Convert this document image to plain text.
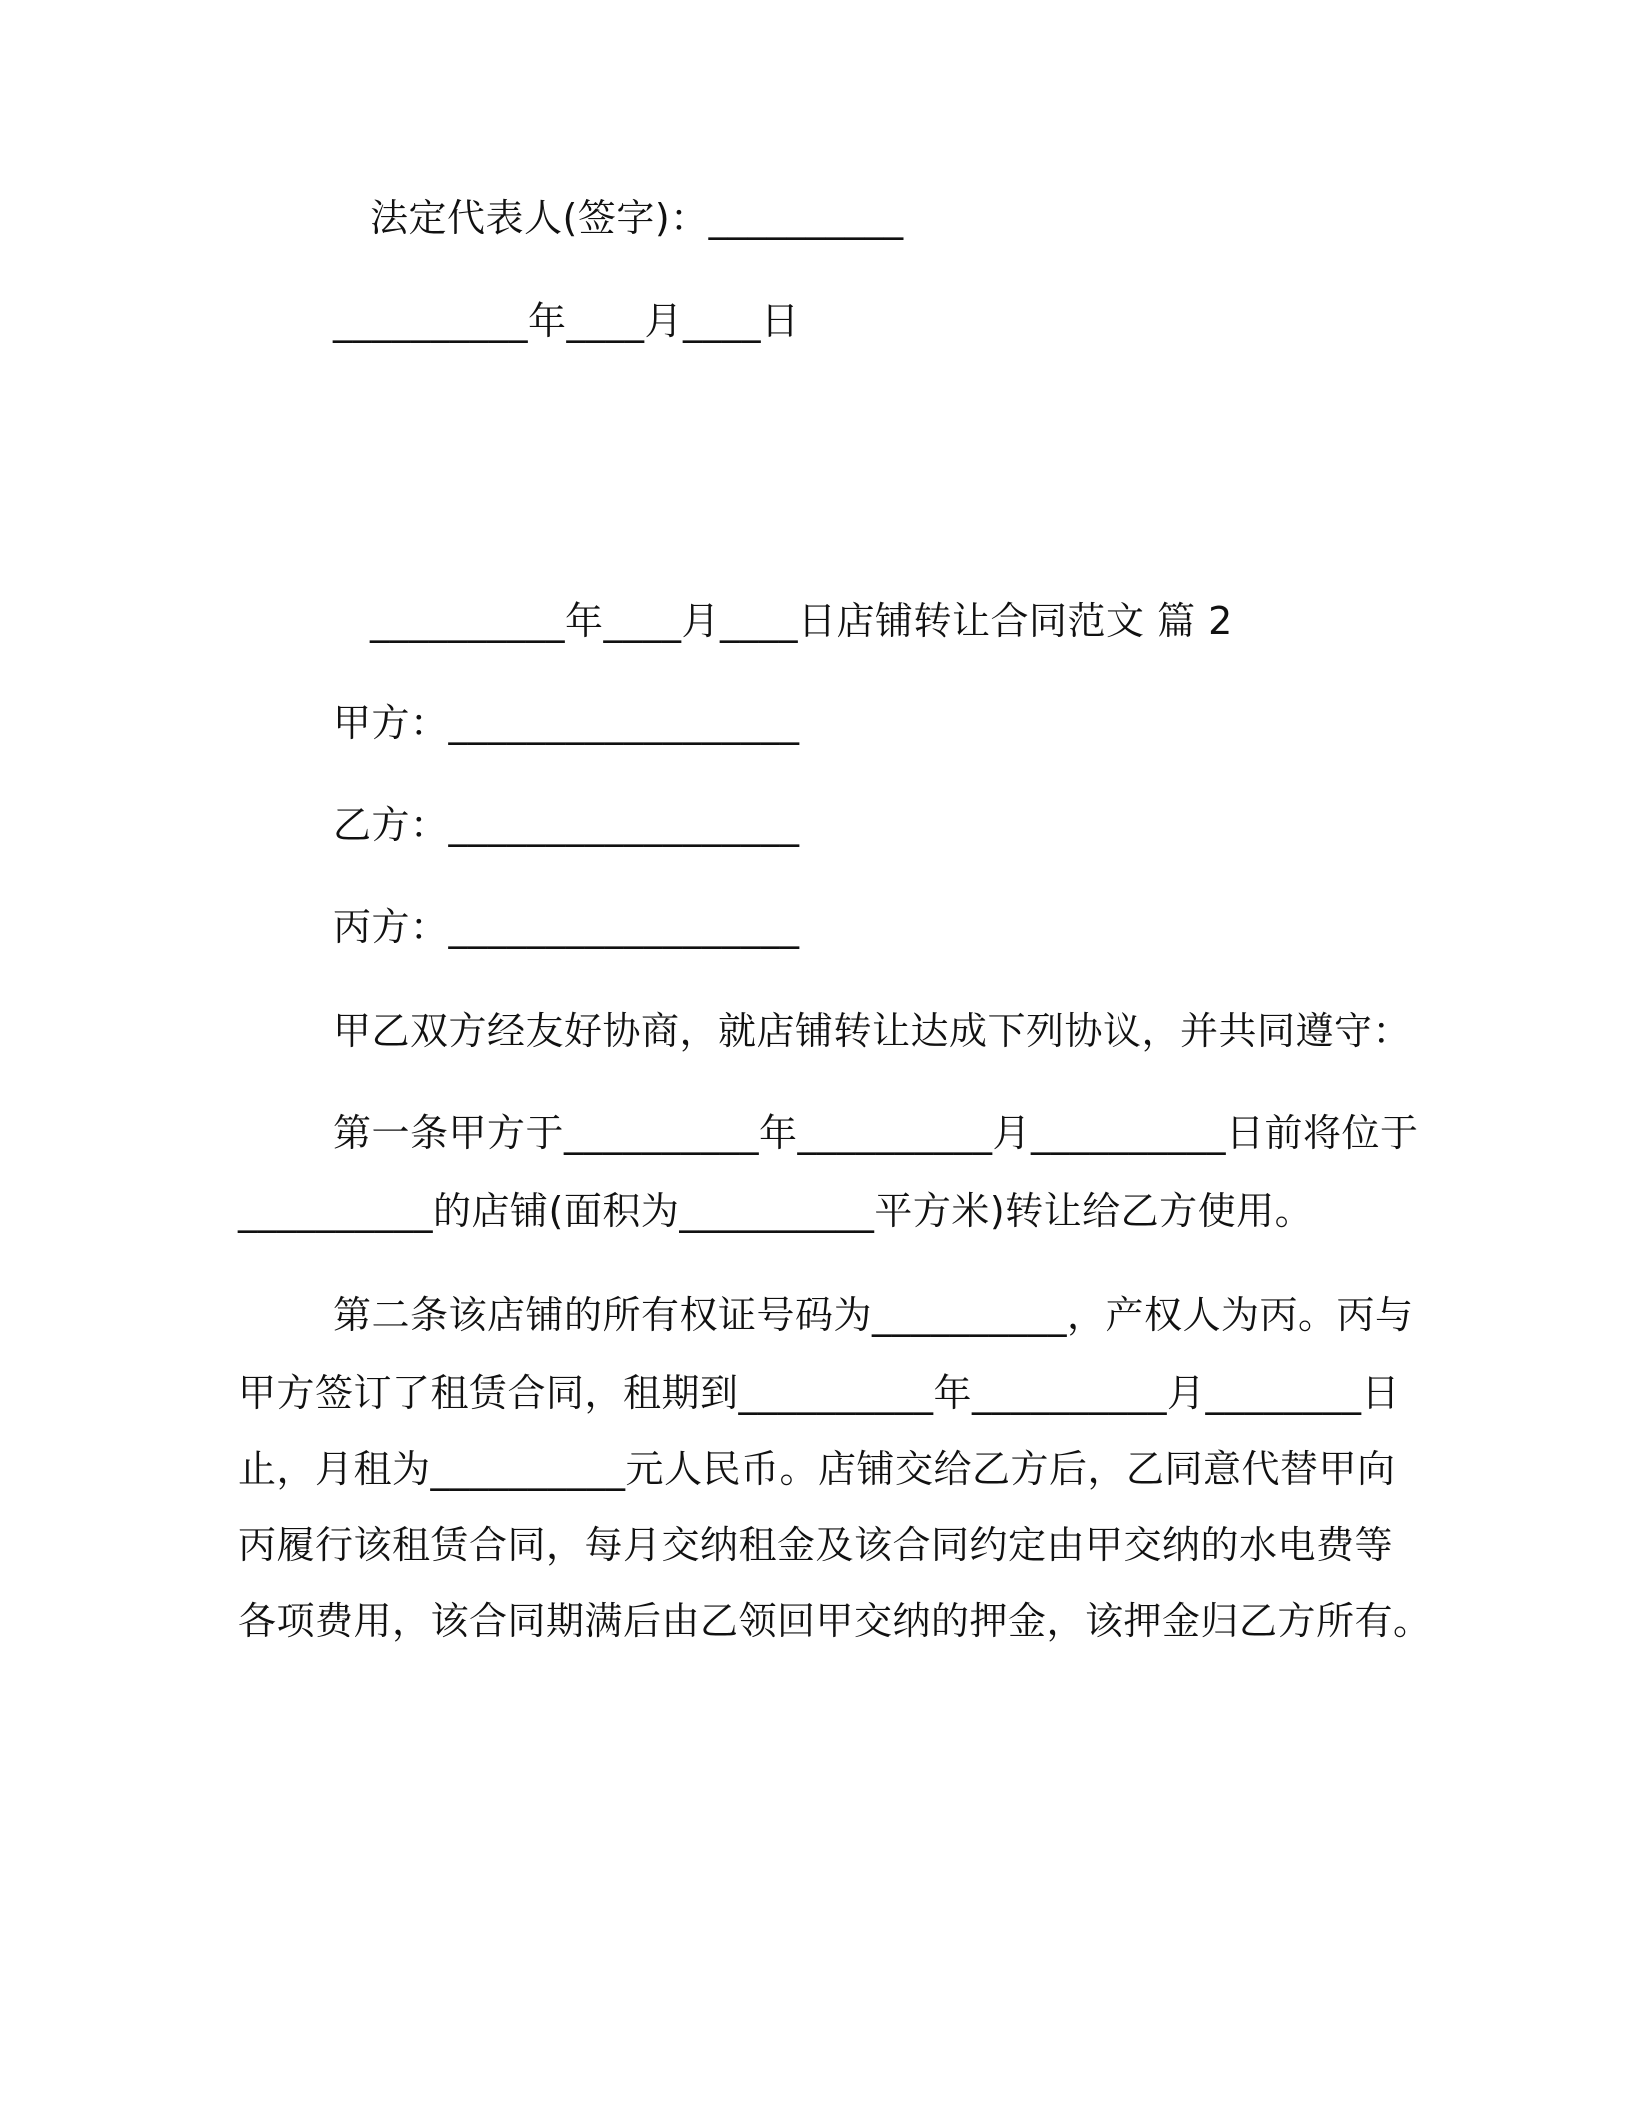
法定代表人(签字)：__________
__________年____月____日
__________年____月____日店铺转让合同范文 篇 2
甲方：__________________
乙方：__________________
丙方：__________________
甲乙双方经友好协商，就店铺转让达成下列协议，并共同遵守：
第一条甲方于__________年__________月__________日前将位于
__________的店铺(面积为__________平方米)转让给乙方使用。
第二条该店铺的所有权证号码为__________，产权人为丙。丙与
甲方签订了租赁合同，租期到__________年__________月________日
止，月租为__________元人民币。店铺交给乙方后，乙同意代替甲向
丙履行该租赁合同，每月交纳租金及该合同约定由甲交纳的水电费等
各项费用，该合同期满后由乙领回甲交纳的押金，该押金归乙方所有。
